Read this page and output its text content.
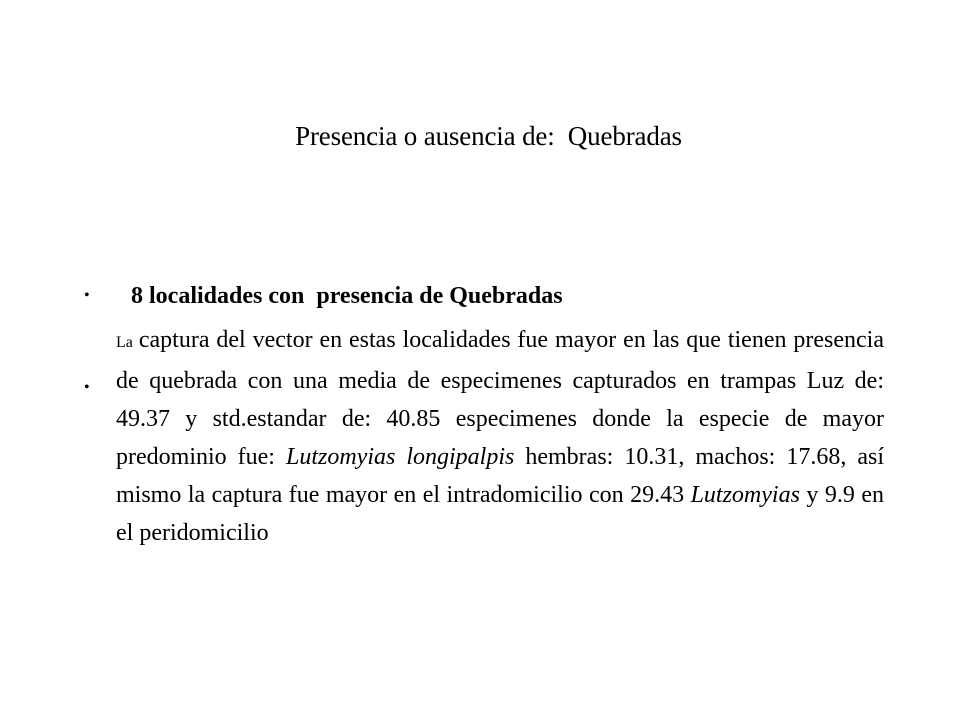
Presencia o ausencia de:  Quebradas
•	8 localidades con  presencia de Quebradas
•
La captura del vector en estas localidades fue mayor en las que tienen presencia de quebrada con una media de especimenes capturados en trampas Luz de: 49.37 y std.estandar de: 40.85 especimenes donde la especie de mayor predominio fue: Lutzomyias longipalpis hembras: 10.31, machos: 17.68, así mismo la captura fue mayor en el intradomicilio con 29.43 Lutzomyias y 9.9 en el peridomicilio
